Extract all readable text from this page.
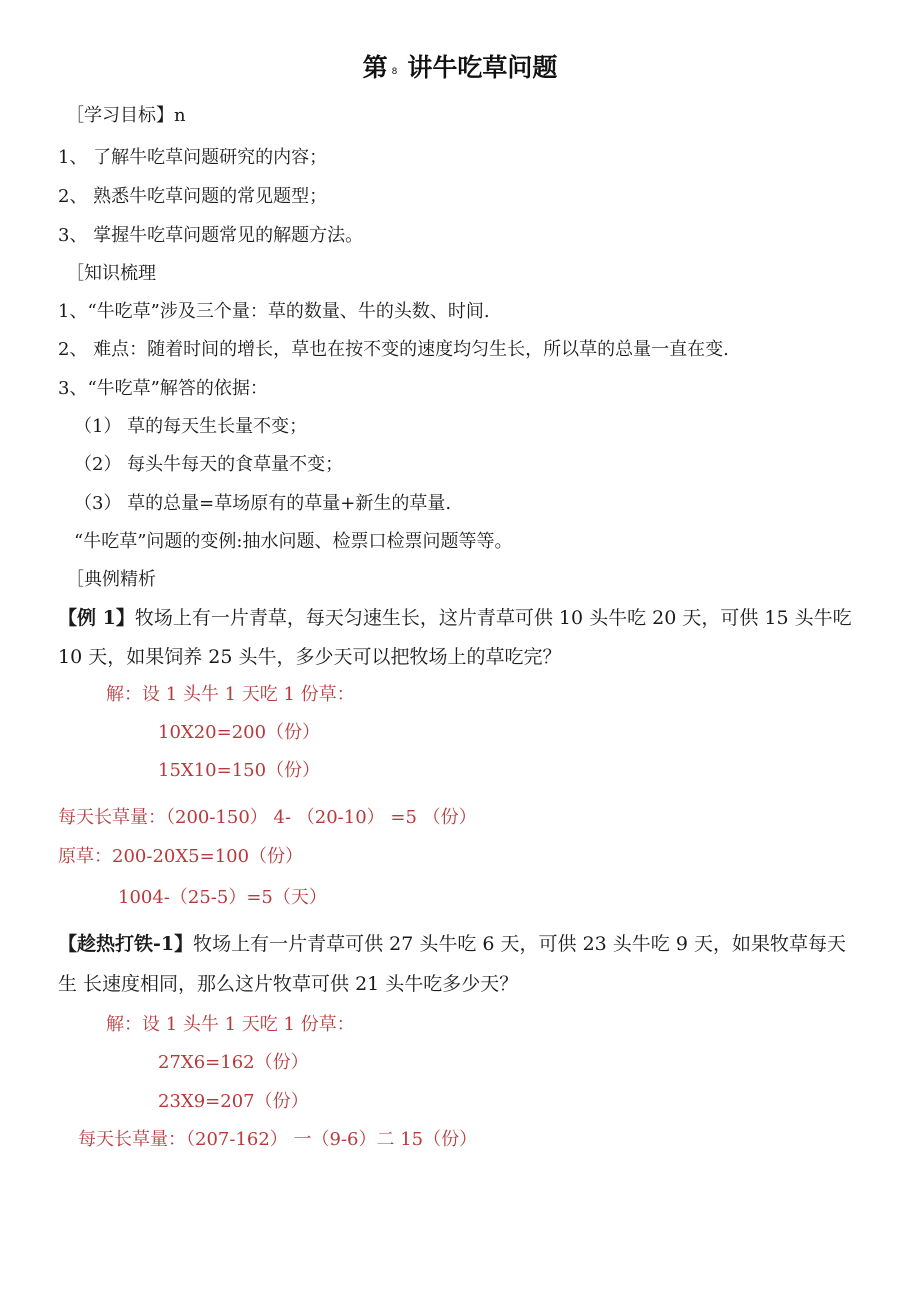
第 8 讲牛吃草问题
［学习目标】n
1、 了解牛吃草问题研究的内容；
2、 熟悉牛吃草问题的常见题型；
3、 掌握牛吃草问题常见的解题方法。
［知识梳理
1、“牛吃草”涉及三个量：草的数量、牛的头数、时间.
2、 难点：随着时间的增长，草也在按不变的速度均匀生长，所以草的总量一直在变.
3、“牛吃草”解答的依据：
（1） 草的每天生长量不变；
（2） 每头牛每天的食草量不变；
（3） 草的总量=草场原有的草量+新生的草量.
“牛吃草”问题的变例:抽水问题、检票口检票问题等等。
［典例精析
【例 1】牧场上有一片青草，每天匀速生长，这片青草可供 10 头牛吃 20 天，可供 15 头牛吃
10 天，如果饲养 25 头牛，多少天可以把牧场上的草吃完？
解：设 1 头牛 1 天吃 1 份草：
10X20=200（份）
15X10=150（份）
每天长草量：（200-150） 4- （20-10） =5 （份）
原草：200-20X5=100（份）
1004-（25-5）=5（天）
【趁热打铁-1】牧场上有一片青草可供 27 头牛吃 6 天，可供 23 头牛吃 9 天，如果牧草每天
生 长速度相同，那么这片牧草可供 21 头牛吃多少天？
解：设 1 头牛 1 天吃 1 份草：
27X6=162（份）
23X9=207（份）
每天长草量：（207-162） 一（9-6）二 15（份）
